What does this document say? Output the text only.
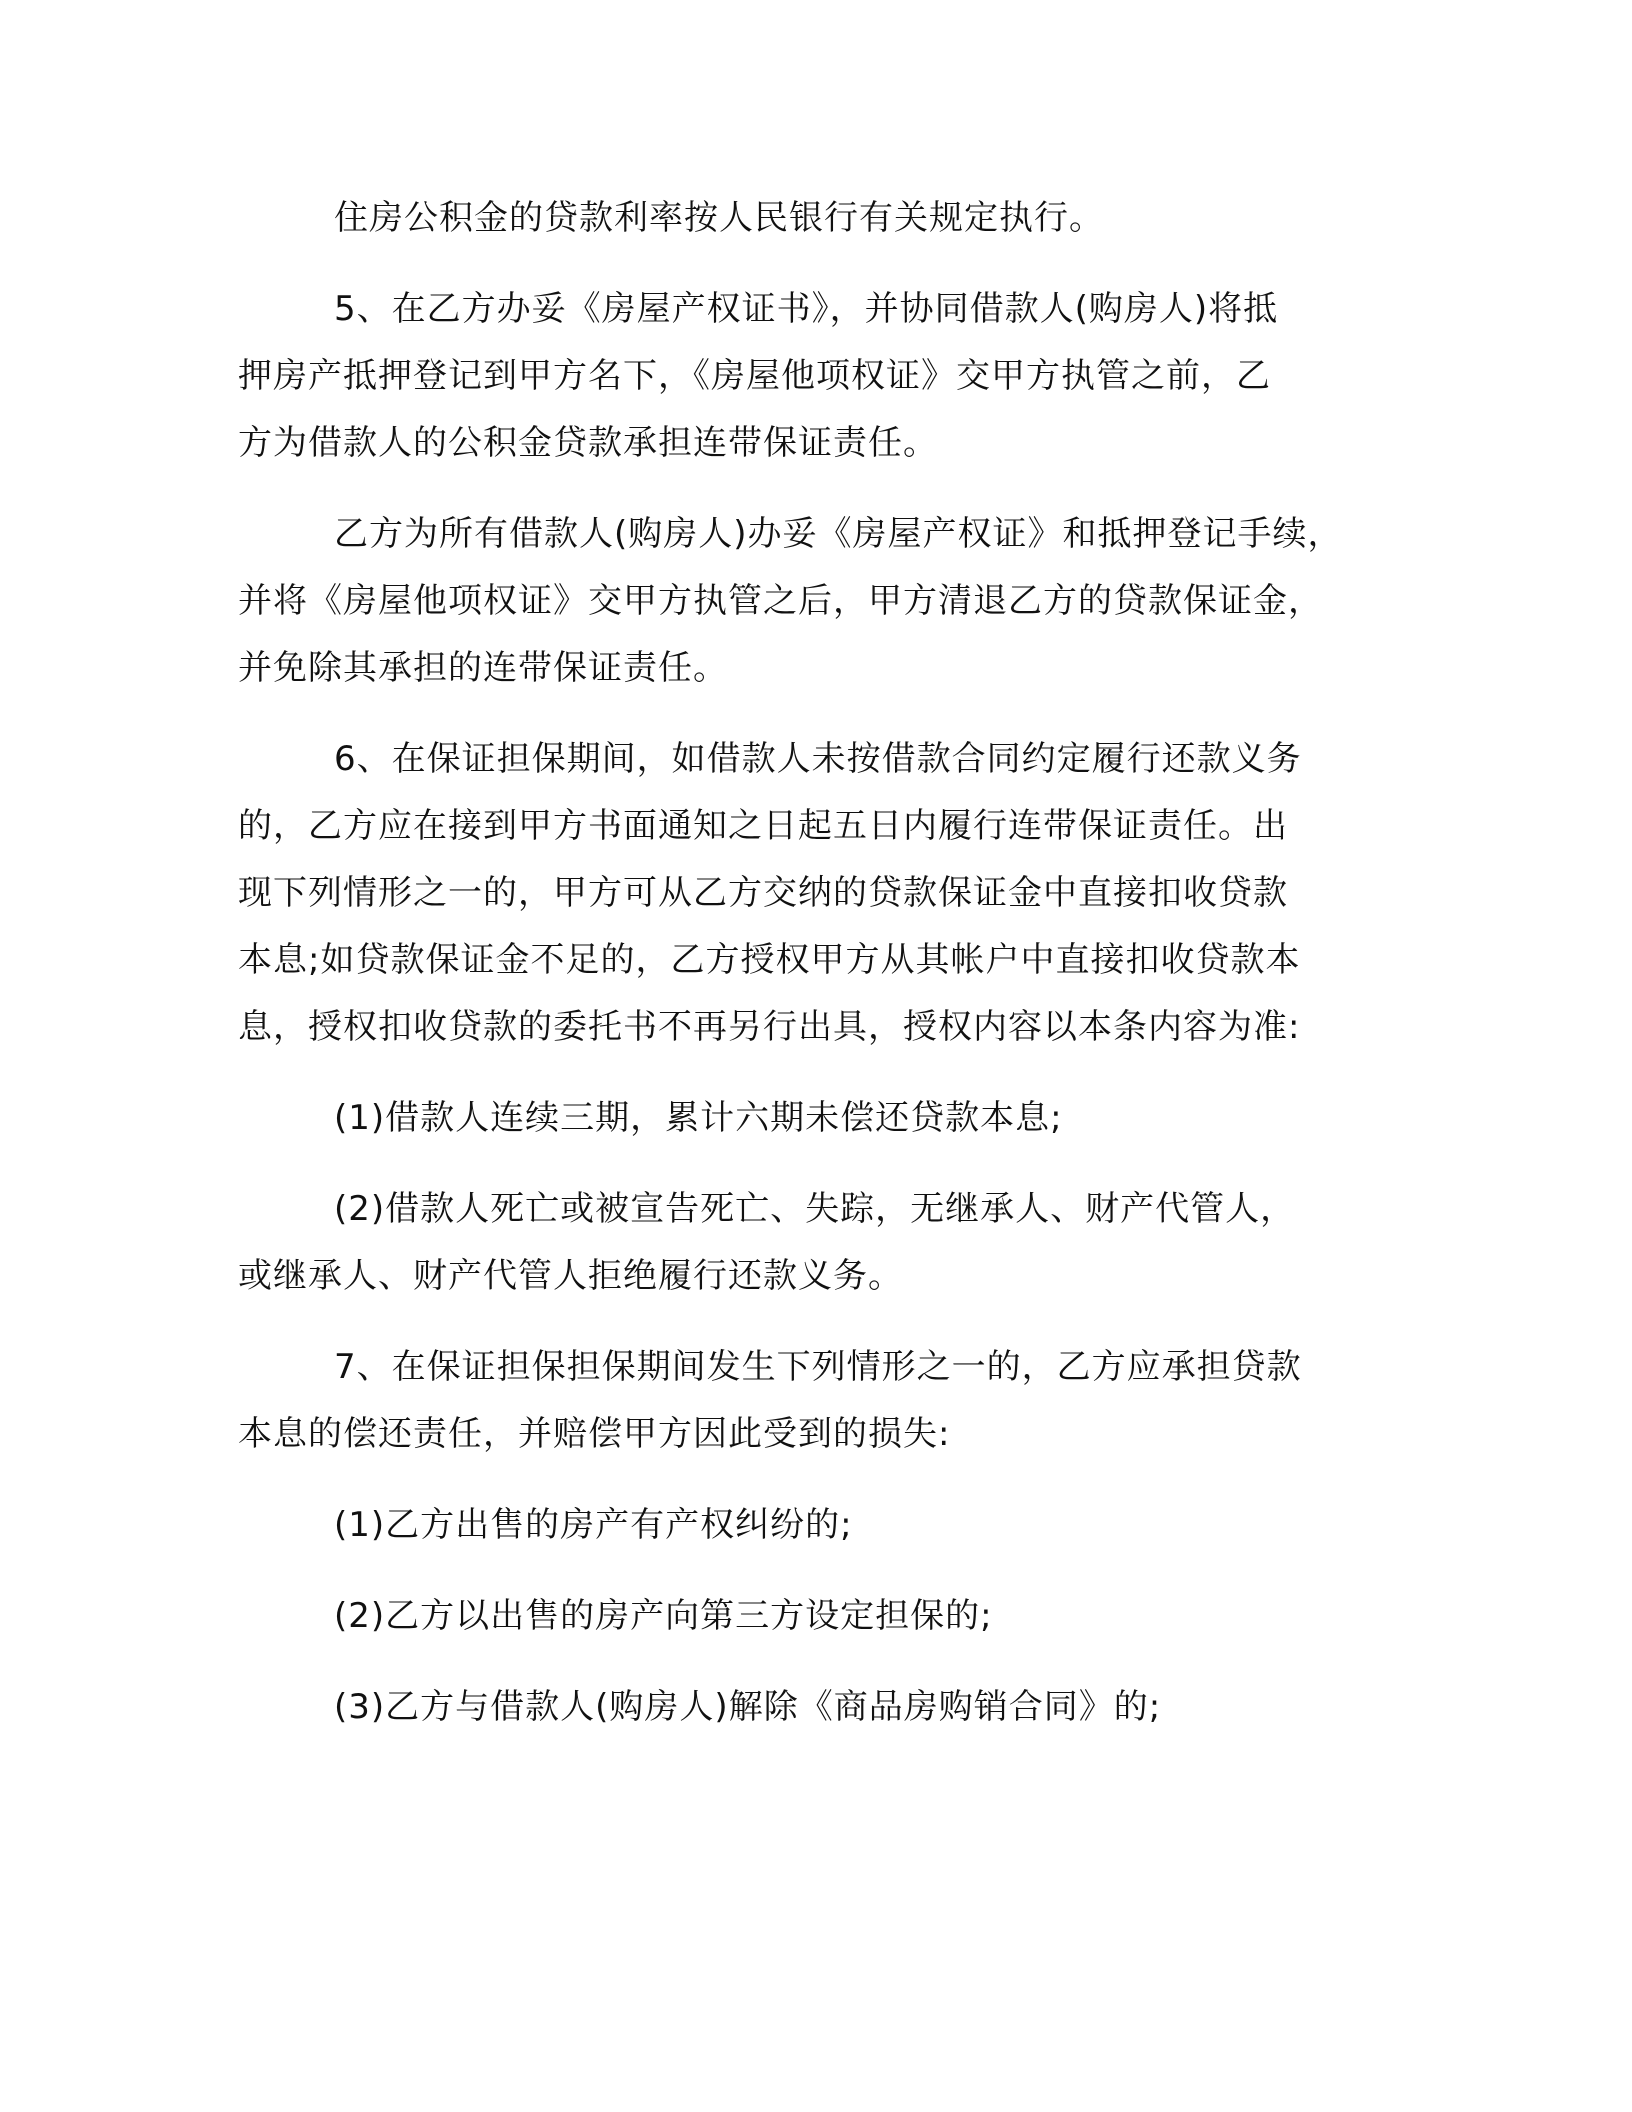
住房公积金的贷款利率按人民银行有关规定执行。
5、在乙方办妥《房屋产权证书》，并协同借款人(购房人)将抵
押房产抵押登记到甲方名下，《房屋他项权证》交甲方执管之前，乙
方为借款人的公积金贷款承担连带保证责任。
乙方为所有借款人(购房人)办妥《房屋产权证》和抵押登记手续，
并将《房屋他项权证》交甲方执管之后，甲方清退乙方的贷款保证金，
并免除其承担的连带保证责任。
6、在保证担保期间，如借款人未按借款合同约定履行还款义务
的，乙方应在接到甲方书面通知之日起五日内履行连带保证责任。出
现下列情形之一的，甲方可从乙方交纳的贷款保证金中直接扣收贷款
本息;如贷款保证金不足的，乙方授权甲方从其帐户中直接扣收贷款本
息，授权扣收贷款的委托书不再另行出具，授权内容以本条内容为准:
(1)借款人连续三期，累计六期未偿还贷款本息;
(2)借款人死亡或被宣告死亡、失踪，无继承人、财产代管人，
或继承人、财产代管人拒绝履行还款义务。
7、在保证担保担保期间发生下列情形之一的，乙方应承担贷款
本息的偿还责任，并赔偿甲方因此受到的损失:
(1)乙方出售的房产有产权纠纷的;
(2)乙方以出售的房产向第三方设定担保的;
(3)乙方与借款人(购房人)解除《商品房购销合同》的;
